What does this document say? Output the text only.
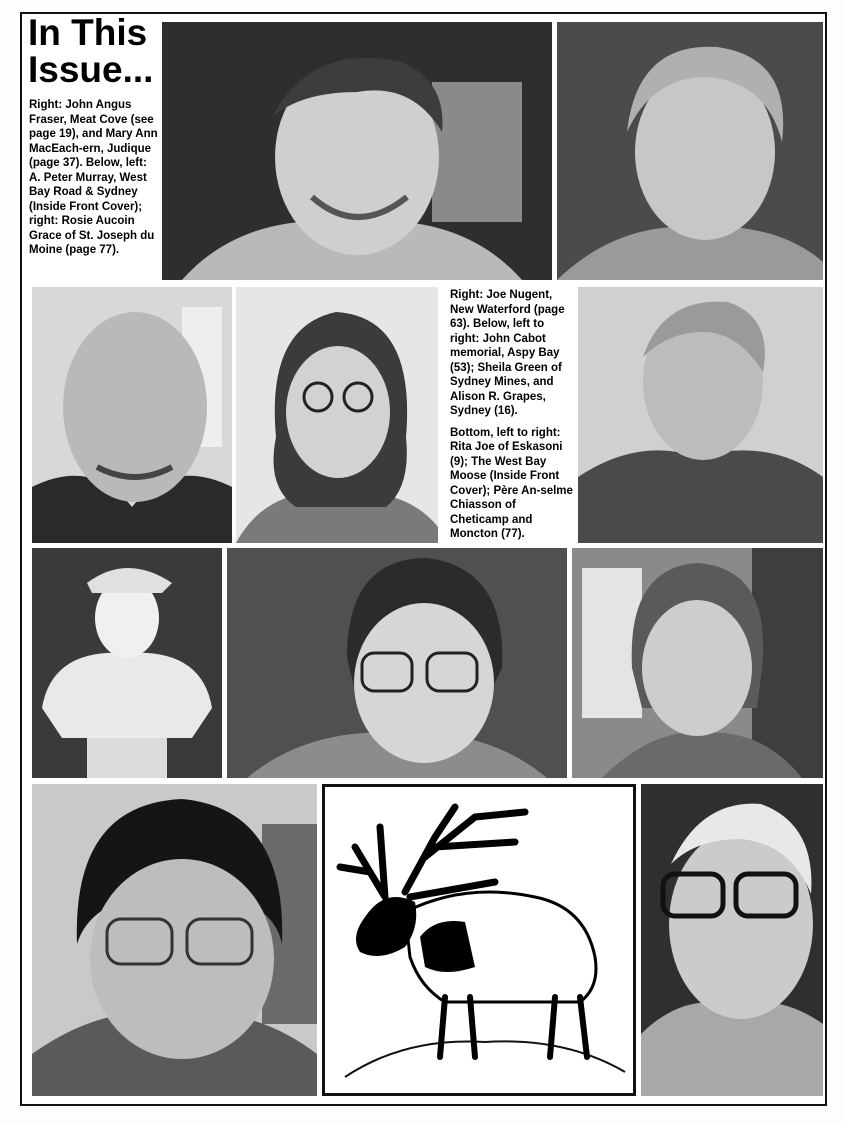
In This Issue...

Right: John Angus Fraser, Meat Cove (see page 19), and Mary Ann MacEach-ern, Judique (page 37). Below, left: A. Peter Murray, West Bay Road & Sydney (Inside Front Cover); right: Rosie Aucoin Grace of St. Joseph du Moine (page 77).

Right: Joe Nugent, New Waterford (page 63). Below, left to right: John Cabot memorial, Aspy Bay (53); Sheila Green of Sydney Mines, and Alison R. Grapes, Sydney (16).

Bottom, left to right: Rita Joe of Eskasoni (9); The West Bay Moose (Inside Front Cover); Père An-selme Chiasson of Cheticamp and Moncton (77).
